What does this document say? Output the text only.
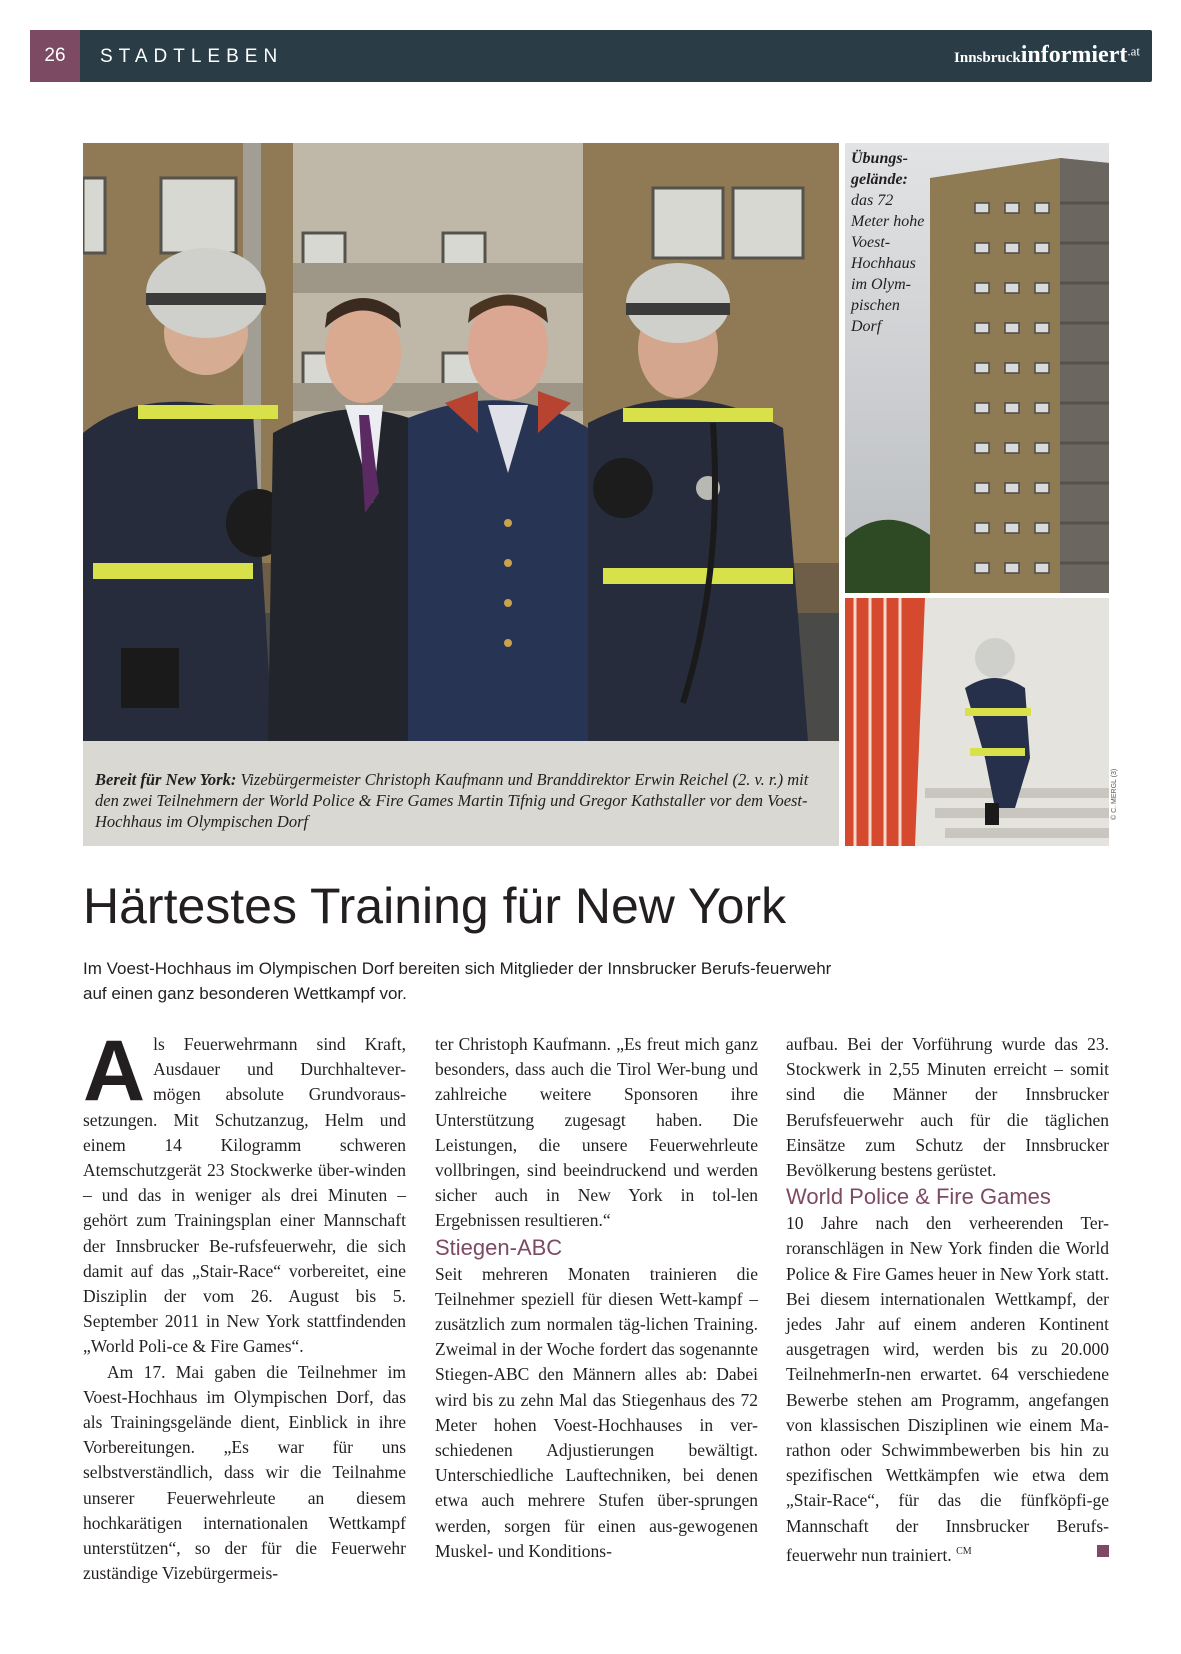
26	STADTLEBEN	Innsbruckinformiert$^{.at}$
Bereit für New York: Vizebürgermeister Christoph Kaufmann und Branddirektor Erwin Reichel (2. v. r.) mit den zwei Teilnehmern der World Police & Fire Games Martin Tifnig und Gregor Kathstaller vor dem Voest-Hochhaus im Olympischen Dorf
Übungs-gelände:
das 72 Meter hohe Voest-Hochhaus im Olym-pischen Dorf
© C. MERGL (3)
Härtestes Training für New York

Im Voest-Hochhaus im Olympischen Dorf bereiten sich Mitglieder der Innsbrucker Berufs-feuerwehr auf einen ganz besonderen Wettkampf vor.

Als Feuerwehrmann sind Kraft, Ausdauer und Durchhaltever-mögen absolute Grundvoraus-setzungen. Mit Schutzanzug, Helm und einem 14 Kilogramm schweren Atemschutzgerät 23 Stockwerke über-winden – und das in weniger als drei Minuten – gehört zum Trainingsplan einer Mannschaft der Innsbrucker Be-rufsfeuerwehr, die sich damit auf das „Stair-Race“ vorbereitet, eine Disziplin der vom 26. August bis 5. September 2011 in New York stattfindenden „World Poli-ce & Fire Games“.

Am 17. Mai gaben die Teilnehmer im Voest-Hochhaus im Olympischen Dorf, das als Trainingsgelände dient, Einblick in ihre Vorbereitungen. „Es war für uns selbstverständlich, dass wir die Teilnahme unserer Feuerwehrleute an diesem hochkarätigen internationalen Wettkampf unterstützen“, so der für die Feuerwehr zuständige Vizebürgermeis-

ter Christoph Kaufmann. „Es freut mich ganz besonders, dass auch die Tirol Wer-bung und zahlreiche weitere Sponsoren ihre Unterstützung zugesagt haben. Die Leistungen, die unsere Feuerwehrleute vollbringen, sind beeindruckend und werden sicher auch in New York in tol-len Ergebnissen resultieren.“

Stiegen-ABC

Seit mehreren Monaten trainieren die Teilnehmer speziell für diesen Wett-kampf – zusätzlich zum normalen täg-lichen Training. Zweimal in der Woche fordert das sogenannte Stiegen-ABC den Männern alles ab: Dabei wird bis zu zehn Mal das Stiegenhaus des 72 Meter hohen Voest-Hochhauses in ver-schiedenen Adjustierungen bewältigt. Unterschiedliche Lauftechniken, bei denen etwa auch mehrere Stufen über-sprungen werden, sorgen für einen aus-gewogenen Muskel- und Konditions-

aufbau. Bei der Vorführung wurde das 23. Stockwerk in 2,55 Minuten erreicht – somit sind die Männer der Innsbrucker Berufsfeuerwehr auch für die täglichen Einsätze zum Schutz der Innsbrucker Bevölkerung bestens gerüstet.

World Police & Fire Games

10 Jahre nach den verheerenden Ter-roranschlägen in New York finden die World Police & Fire Games heuer in New York statt. Bei diesem internationalen Wettkampf, der jedes Jahr auf einem anderen Kontinent ausgetragen wird, werden bis zu 20.000 TeilnehmerIn-nen erwartet. 64 verschiedene Bewerbe stehen am Programm, angefangen von klassischen Disziplinen wie einem Ma-rathon oder Schwimmbewerben bis hin zu spezifischen Wettkämpfen wie etwa dem „Stair-Race“, für das die fünfköpfi-ge Mannschaft der Innsbrucker Berufs-feuerwehr nun trainiert. $^{CM}$
